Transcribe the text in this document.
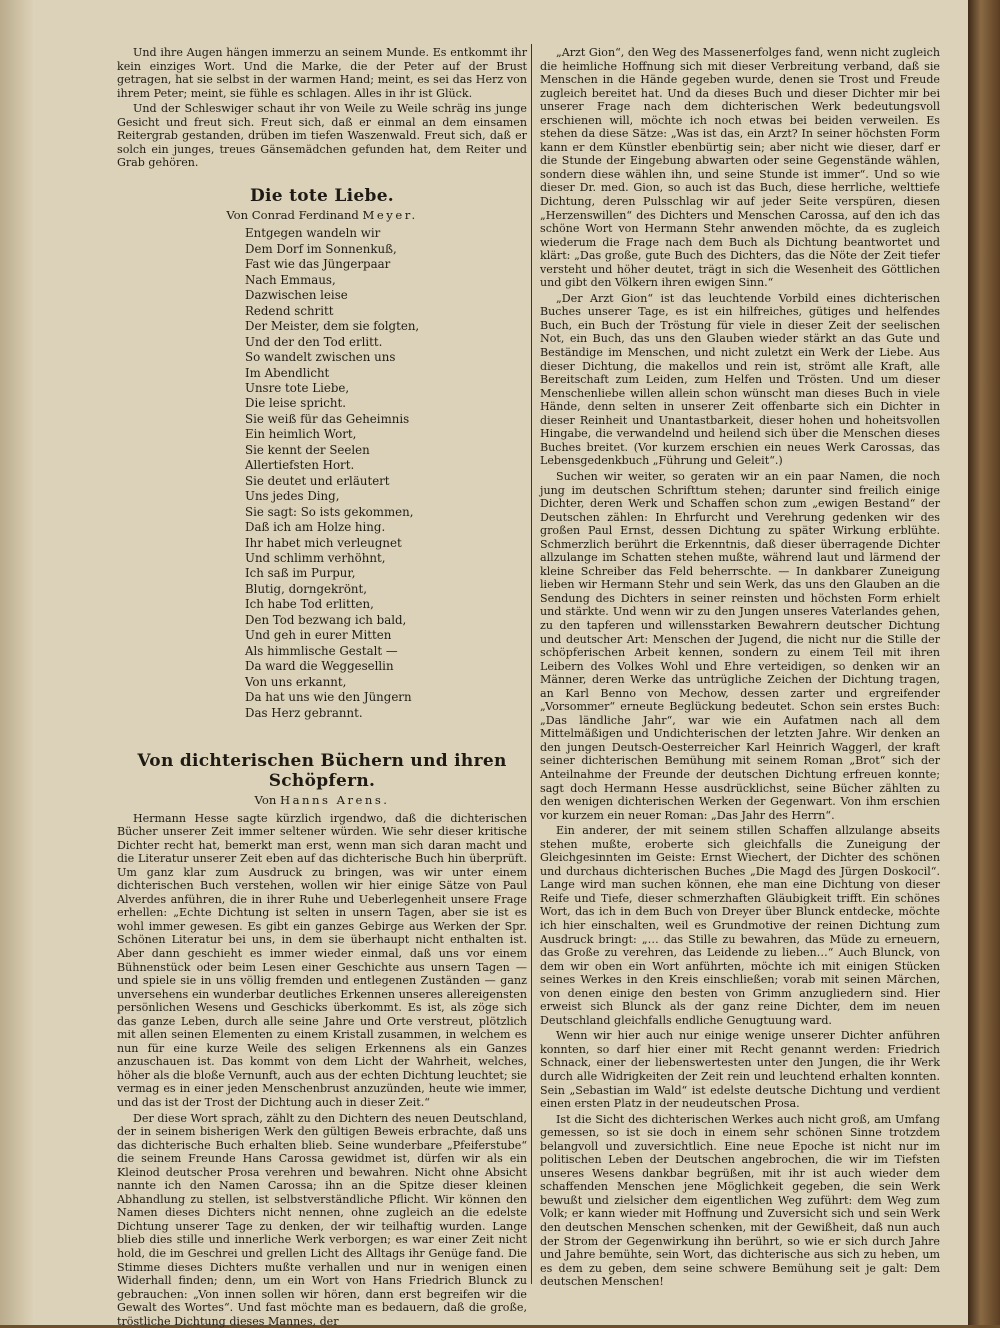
Und ihre Augen hängen immerzu an seinem Munde. Es entkommt ihr kein einziges Wort. Und die Marke, die der Peter auf der Brust getragen, hat sie selbst in der warmen Hand; meint, es sei das Herz von ihrem Peter; meint, sie fühle es schlagen. Alles in ihr ist Glück.

Und der Schleswiger schaut ihr von Weile zu Weile schräg ins junge Gesicht und freut sich. Freut sich, daß er einmal an dem einsamen Reitergrab gestanden, drüben im tiefen Waszenwald. Freut sich, daß er solch ein junges, treues Gänsemädchen gefunden hat, dem Reiter und Grab gehören.

Die tote Liebe.

Von Conrad Ferdinand Meyer.

Entgegen wandeln wir
Dem Dorf im Sonnenkuß,
Fast wie das Jüngerpaar
Nach Emmaus,
Dazwischen leise
Redend schritt
Der Meister, dem sie folgten,
Und der den Tod erlitt.
So wandelt zwischen uns
Im Abendlicht
Unsre tote Liebe,
Die leise spricht.
Sie weiß für das Geheimnis
Ein heimlich Wort,
Sie kennt der Seelen
Allertiefsten Hort.
Sie deutet und erläutert
Uns jedes Ding,
Sie sagt: So ists gekommen,
Daß ich am Holze hing.
Ihr habet mich verleugnet
Und schlimm verhöhnt,
Ich saß im Purpur,
Blutig, dorngekrönt,
Ich habe Tod erlitten,
Den Tod bezwang ich bald,
Und geh in eurer Mitten
Als himmlische Gestalt —
Da ward die Weggesellin
Von uns erkannt,
Da hat uns wie den Jüngern
Das Herz gebrannt.
Von dichterischen Büchern und ihren Schöpfern.

Von Hanns Arens.

Hermann Hesse sagte kürzlich irgendwo, daß die dichterischen Bücher unserer Zeit immer seltener würden. Wie sehr dieser kritische Dichter recht hat, bemerkt man erst, wenn man sich daran macht und die Literatur unserer Zeit eben auf das dichterische Buch hin überprüft. Um ganz klar zum Ausdruck zu bringen, was wir unter einem dichterischen Buch verstehen, wollen wir hier einige Sätze von Paul Alverdes anführen, die in ihrer Ruhe und Ueberlegenheit unsere Frage erhellen: „Echte Dichtung ist selten in unsern Tagen, aber sie ist es wohl immer gewesen. Es gibt ein ganzes Gebirge aus Werken der Spr. Schönen Literatur bei uns, in dem sie überhaupt nicht enthalten ist. Aber dann geschieht es immer wieder einmal, daß uns vor einem Bühnenstück oder beim Lesen einer Geschichte aus unsern Tagen — und spiele sie in uns völlig fremden und entlegenen Zuständen — ganz unversehens ein wunderbar deutliches Erkennen unseres allereigensten persönlichen Wesens und Geschicks überkommt. Es ist, als zöge sich das ganze Leben, durch alle seine Jahre und Orte verstreut, plötzlich mit allen seinen Elementen zu einem Kristall zusammen, in welchem es nun für eine kurze Weile des seligen Erkennens als ein Ganzes anzuschauen ist. Das kommt von dem Licht der Wahrheit, welches, höher als die bloße Vernunft, auch aus der echten Dichtung leuchtet; sie vermag es in einer jeden Menschenbrust anzuzünden, heute wie immer, und das ist der Trost der Dichtung auch in dieser Zeit.“

Der diese Wort sprach, zählt zu den Dichtern des neuen Deutschland, der in seinem bisherigen Werk den gültigen Beweis erbrachte, daß uns das dichterische Buch erhalten blieb. Seine wunderbare „Pfeiferstube“ die seinem Freunde Hans Carossa gewidmet ist, dürfen wir als ein Kleinod deutscher Prosa verehren und bewahren. Nicht ohne Absicht nannte ich den Namen Carossa; ihn an die Spitze dieser kleinen Abhandlung zu stellen, ist selbstverständliche Pflicht. Wir können den Namen dieses Dichters nicht nennen, ohne zugleich an die edelste Dichtung unserer Tage zu denken, der wir teilhaftig wurden. Lange blieb dies stille und innerliche Werk verborgen; es war einer Zeit nicht hold, die im Geschrei und grellen Licht des Alltags ihr Genüge fand. Die Stimme dieses Dichters mußte verhallen und nur in wenigen einen Widerhall finden; denn, um ein Wort von Hans Friedrich Blunck zu gebrauchen: „Von innen sollen wir hören, dann erst begreifen wir die Gewalt des Wortes“. Und fast möchte man es bedauern, daß die große, tröstliche Dichtung dieses Mannes, der

„Arzt Gion“, den Weg des Massenerfolges fand, wenn nicht zugleich die heimliche Hoffnung sich mit dieser Verbreitung verband, daß sie Menschen in die Hände gegeben wurde, denen sie Trost und Freude zugleich bereitet hat. Und da dieses Buch und dieser Dichter mir bei unserer Frage nach dem dichterischen Werk bedeutungsvoll erschienen will, möchte ich noch etwas bei beiden verweilen. Es stehen da diese Sätze: „Was ist das, ein Arzt? In seiner höchsten Form kann er dem Künstler ebenbürtig sein; aber nicht wie dieser, darf er die Stunde der Eingebung abwarten oder seine Gegenstände wählen, sondern diese wählen ihn, und seine Stunde ist immer“. Und so wie dieser Dr. med. Gion, so auch ist das Buch, diese herrliche, welttiefe Dichtung, deren Pulsschlag wir auf jeder Seite verspüren, diesen „Herzenswillen“ des Dichters und Menschen Carossa, auf den ich das schöne Wort von Hermann Stehr anwenden möchte, da es zugleich wiederum die Frage nach dem Buch als Dichtung beantwortet und klärt: „Das große, gute Buch des Dichters, das die Nöte der Zeit tiefer versteht und höher deutet, trägt in sich die Wesenheit des Göttlichen und gibt den Völkern ihren ewigen Sinn.“

„Der Arzt Gion“ ist das leuchtende Vorbild eines dichterischen Buches unserer Tage, es ist ein hilfreiches, gütiges und helfendes Buch, ein Buch der Tröstung für viele in dieser Zeit der seelischen Not, ein Buch, das uns den Glauben wieder stärkt an das Gute und Beständige im Menschen, und nicht zuletzt ein Werk der Liebe. Aus dieser Dichtung, die makellos und rein ist, strömt alle Kraft, alle Bereitschaft zum Leiden, zum Helfen und Trösten. Und um dieser Menschenliebe willen allein schon wünscht man dieses Buch in viele Hände, denn selten in unserer Zeit offenbarte sich ein Dichter in dieser Reinheit und Unantastbarkeit, dieser hohen und hoheitsvollen Hingabe, die verwandelnd und heilend sich über die Menschen dieses Buches breitet. (Vor kurzem erschien ein neues Werk Carossas, das Lebensgedenkbuch „Führung und Geleit“.)

Suchen wir weiter, so geraten wir an ein paar Namen, die noch jung im deutschen Schrifttum stehen; darunter sind freilich einige Dichter, deren Werk und Schaffen schon zum „ewigen Bestand“ der Deutschen zählen: In Ehrfurcht und Verehrung gedenken wir des großen Paul Ernst, dessen Dichtung zu später Wirkung erblühte. Schmerzlich berührt die Erkenntnis, daß dieser überragende Dichter allzulange im Schatten stehen mußte, während laut und lärmend der kleine Schreiber das Feld beherrschte. — In dankbarer Zuneigung lieben wir Hermann Stehr und sein Werk, das uns den Glauben an die Sendung des Dichters in seiner reinsten und höchsten Form erhielt und stärkte. Und wenn wir zu den Jungen unseres Vaterlandes gehen, zu den tapferen und willensstarken Bewahrern deutscher Dichtung und deutscher Art: Menschen der Jugend, die nicht nur die Stille der schöpferischen Arbeit kennen, sondern zu einem Teil mit ihren Leibern des Volkes Wohl und Ehre verteidigen, so denken wir an Männer, deren Werke das untrügliche Zeichen der Dichtung tragen, an Karl Benno von Mechow, dessen zarter und ergreifender „Vorsommer“ erneute Beglückung bedeutet. Schon sein erstes Buch: „Das ländliche Jahr“, war wie ein Aufatmen nach all dem Mittelmäßigen und Undichterischen der letzten Jahre. Wir denken an den jungen Deutsch-Oesterreicher Karl Heinrich Waggerl, der kraft seiner dichterischen Bemühung mit seinem Roman „Brot“ sich der Anteilnahme der Freunde der deutschen Dichtung erfreuen konnte; sagt doch Hermann Hesse ausdrücklichst, seine Bücher zählten zu den wenigen dichterischen Werken der Gegenwart. Von ihm erschien vor kurzem ein neuer Roman: „Das Jahr des Herrn“.

Ein anderer, der mit seinem stillen Schaffen allzulange abseits stehen mußte, eroberte sich gleichfalls die Zuneigung der Gleichgesinnten im Geiste: Ernst Wiechert, der Dichter des schönen und durchaus dichterischen Buches „Die Magd des Jürgen Doskocil“. Lange wird man suchen können, ehe man eine Dichtung von dieser Reife und Tiefe, dieser schmerzhaften Gläubigkeit trifft. Ein schönes Wort, das ich in dem Buch von Dreyer über Blunck entdecke, möchte ich hier einschalten, weil es Grundmotive der reinen Dichtung zum Ausdruck bringt: „… das Stille zu bewahren, das Müde zu erneuern, das Große zu verehren, das Leidende zu lieben…“ Auch Blunck, von dem wir oben ein Wort anführten, möchte ich mit einigen Stücken seines Werkes in den Kreis einschließen; vorab mit seinen Märchen, von denen einige den besten von Grimm anzugliedern sind. Hier erweist sich Blunck als der ganz reine Dichter, dem im neuen Deutschland gleichfalls endliche Genugtuung ward.

Wenn wir hier auch nur einige wenige unserer Dichter anführen konnten, so darf hier einer mit Recht genannt werden: Friedrich Schnack, einer der liebenswertesten unter den Jungen, die ihr Werk durch alle Widrigkeiten der Zeit rein und leuchtend erhalten konnten. Sein „Sebastian im Wald“ ist edelste deutsche Dichtung und verdient einen ersten Platz in der neudeutschen Prosa.

Ist die Sicht des dichterischen Werkes auch nicht groß, am Umfang gemessen, so ist sie doch in einem sehr schönen Sinne trotzdem belangvoll und zuversichtlich. Eine neue Epoche ist nicht nur im politischen Leben der Deutschen angebrochen, die wir im Tiefsten unseres Wesens dankbar begrüßen, mit ihr ist auch wieder dem schaffenden Menschen jene Möglichkeit gegeben, die sein Werk bewußt und zielsicher dem eigentlichen Weg zuführt: dem Weg zum Volk; er kann wieder mit Hoffnung und Zuversicht sich und sein Werk den deutschen Menschen schenken, mit der Gewißheit, daß nun auch der Strom der Gegenwirkung ihn berührt, so wie er sich durch Jahre und Jahre bemühte, sein Wort, das dichterische aus sich zu heben, um es dem zu geben, dem seine schwere Bemühung seit je galt: Dem deutschen Menschen!
